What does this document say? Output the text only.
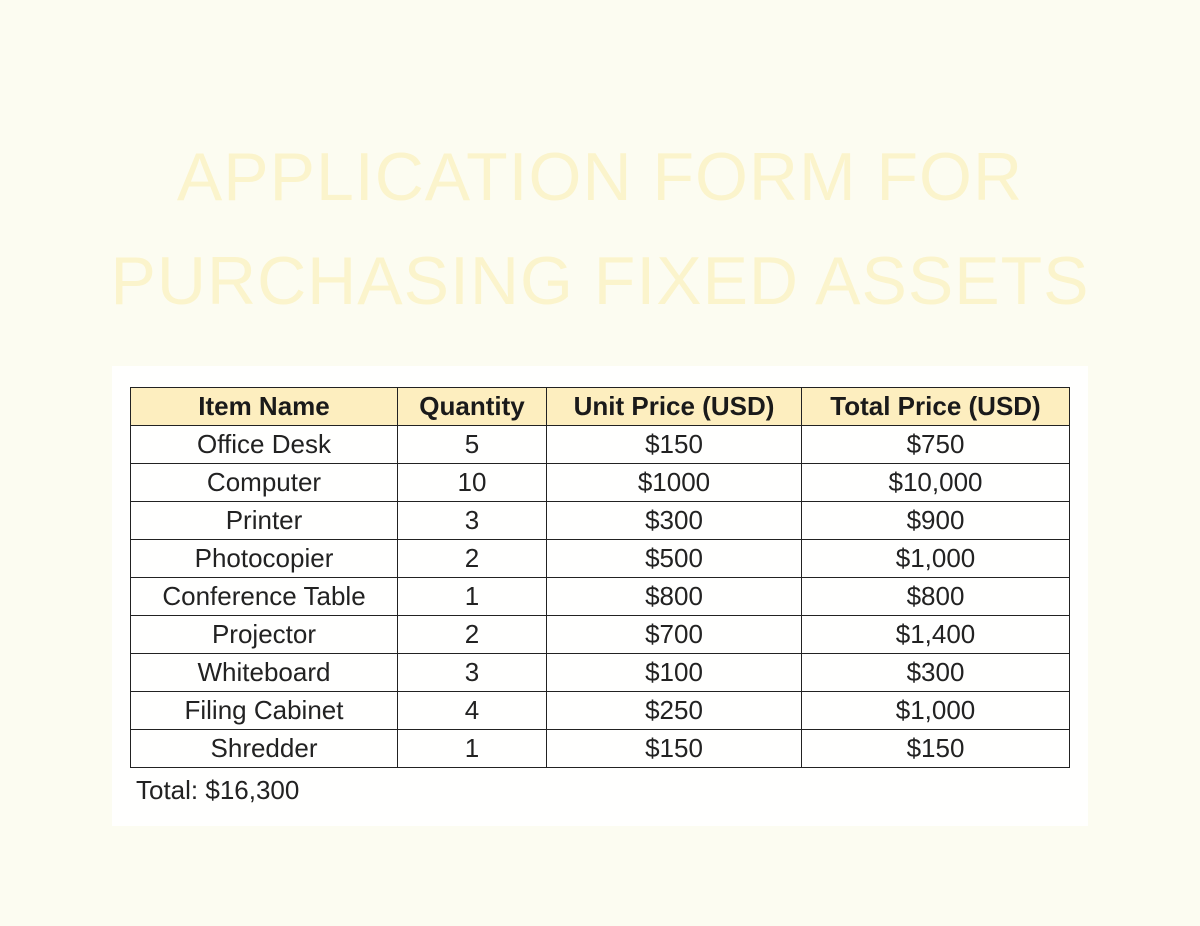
APPLICATION FORM FOR
PURCHASING FIXED ASSETS
Item Name	Quantity	Unit Price (USD)	Total Price (USD)
Office Desk	5	$150	$750
Computer	10	$1000	$10,000
Printer	3	$300	$900
Photocopier	2	$500	$1,000
Conference Table	1	$800	$800
Projector	2	$700	$1,400
Whiteboard	3	$100	$300
Filing Cabinet	4	$250	$1,000
Shredder	1	$150	$150
Total: $16,300
